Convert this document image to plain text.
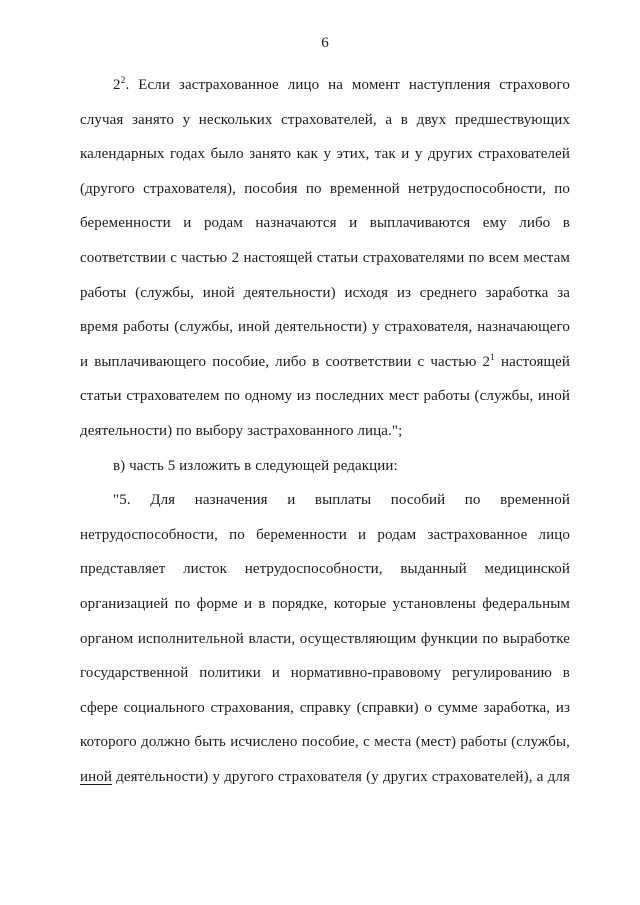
6
$2^2$. Если застрахованное лицо на момент наступления страхового
случая занято у нескольких страхователей, а в двух предшествующих
календарных годах было занято как у этих, так и у других страхователей
(другого страхователя), пособия по временной нетрудоспособности, по
беременности и родам назначаются и выплачиваются ему либо в
соответствии с частью 2 настоящей статьи страхователями по всем местам
работы (службы, иной деятельности) исходя из среднего заработка за
время работы (службы, иной деятельности) у страхователя, назначающего
и выплачивающего пособие, либо в соответствии с частью $2^1$ настоящей
статьи страхователем по одному из последних мест работы (службы, иной
деятельности) по выбору застрахованного лица.";
в) часть 5 изложить в следующей редакции:
"5. Для назначения и выплаты пособий по временной
нетрудоспособности, по беременности и родам застрахованное лицо
представляет листок нетрудоспособности, выданный медицинской
организацией по форме и в порядке, которые установлены федеральным
органом исполнительной власти, осуществляющим функции по выработке
государственной политики и нормативно-правовому регулированию в
сфере социального страхования, справку (справки) о сумме заработка, из
которого должно быть исчислено пособие, с места (мест) работы (службы,
иной деятельности) у другого страхователя (у других страхователей), а для
